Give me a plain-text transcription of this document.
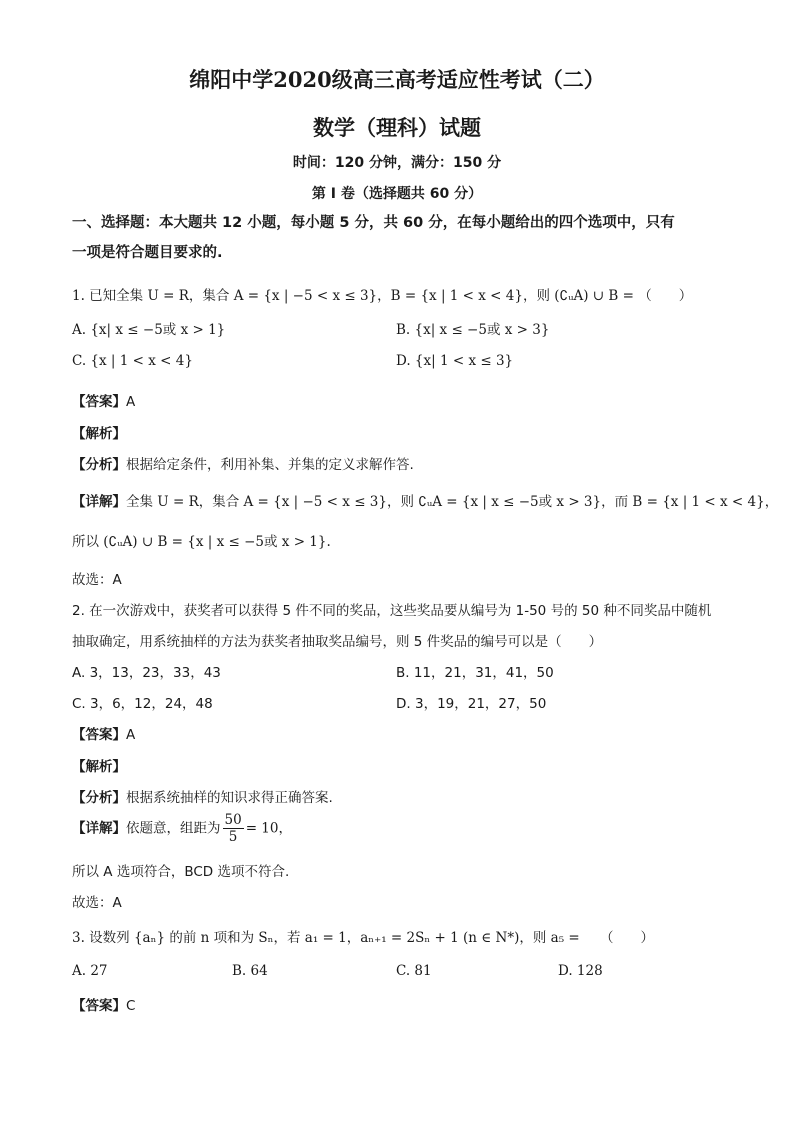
绵阳中学2020级高三高考适应性考试（二）
数学（理科）试题
时间：120 分钟，满分：150 分
第 I 卷（选择题共 60 分）
一、选择题：本大题共 12 小题，每小题 5 分，共 60 分，在每小题给出的四个选项中，只有
一项是符合题目要求的.
1. 已知全集 U = R，集合 A = {x | −5 < x ≤ 3}，B = {x | 1 < x < 4}，则 (∁ᵤA) ∪ B = （　　）
A. {x| x ≤ −5或 x > 1}	B. {x| x ≤ −5或 x > 3}
C. {x | 1 < x < 4}	D. {x| 1 < x ≤ 3}
【答案】A
【解析】
【分析】根据给定条件，利用补集、并集的定义求解作答.
【详解】全集 U = R，集合 A = {x | −5 < x ≤ 3}，则 ∁ᵤA = {x | x ≤ −5或 x > 3}，而 B = {x | 1 < x < 4}，
所以 (∁ᵤA) ∪ B = {x | x ≤ −5或 x > 1}.
故选：A
2. 在一次游戏中，获奖者可以获得 5 件不同的奖品，这些奖品要从编号为 1-50 号的 50 种不同奖品中随机
抽取确定，用系统抽样的方法为获奖者抽取奖品编号，则 5 件奖品的编号可以是（　　）
A. 3，13，23，33，43	B. 11，21，31，41，50
C. 3，6，12，24，48	D. 3，19，21，27，50
【答案】A
【解析】
【分析】根据系统抽样的知识求得正确答案.
【详解】依题意，组距为 $\frac{50}{5} = 10$，
所以 A 选项符合，BCD 选项不符合.
故选：A
3. 设数列 {aₙ} 的前 n 项和为 Sₙ，若 a₁ = 1，aₙ₊₁ = 2Sₙ + 1 (n ∈ N*)，则 a₅ =　　（　　）
A. 27	B. 64	C. 81	D. 128
【答案】C
